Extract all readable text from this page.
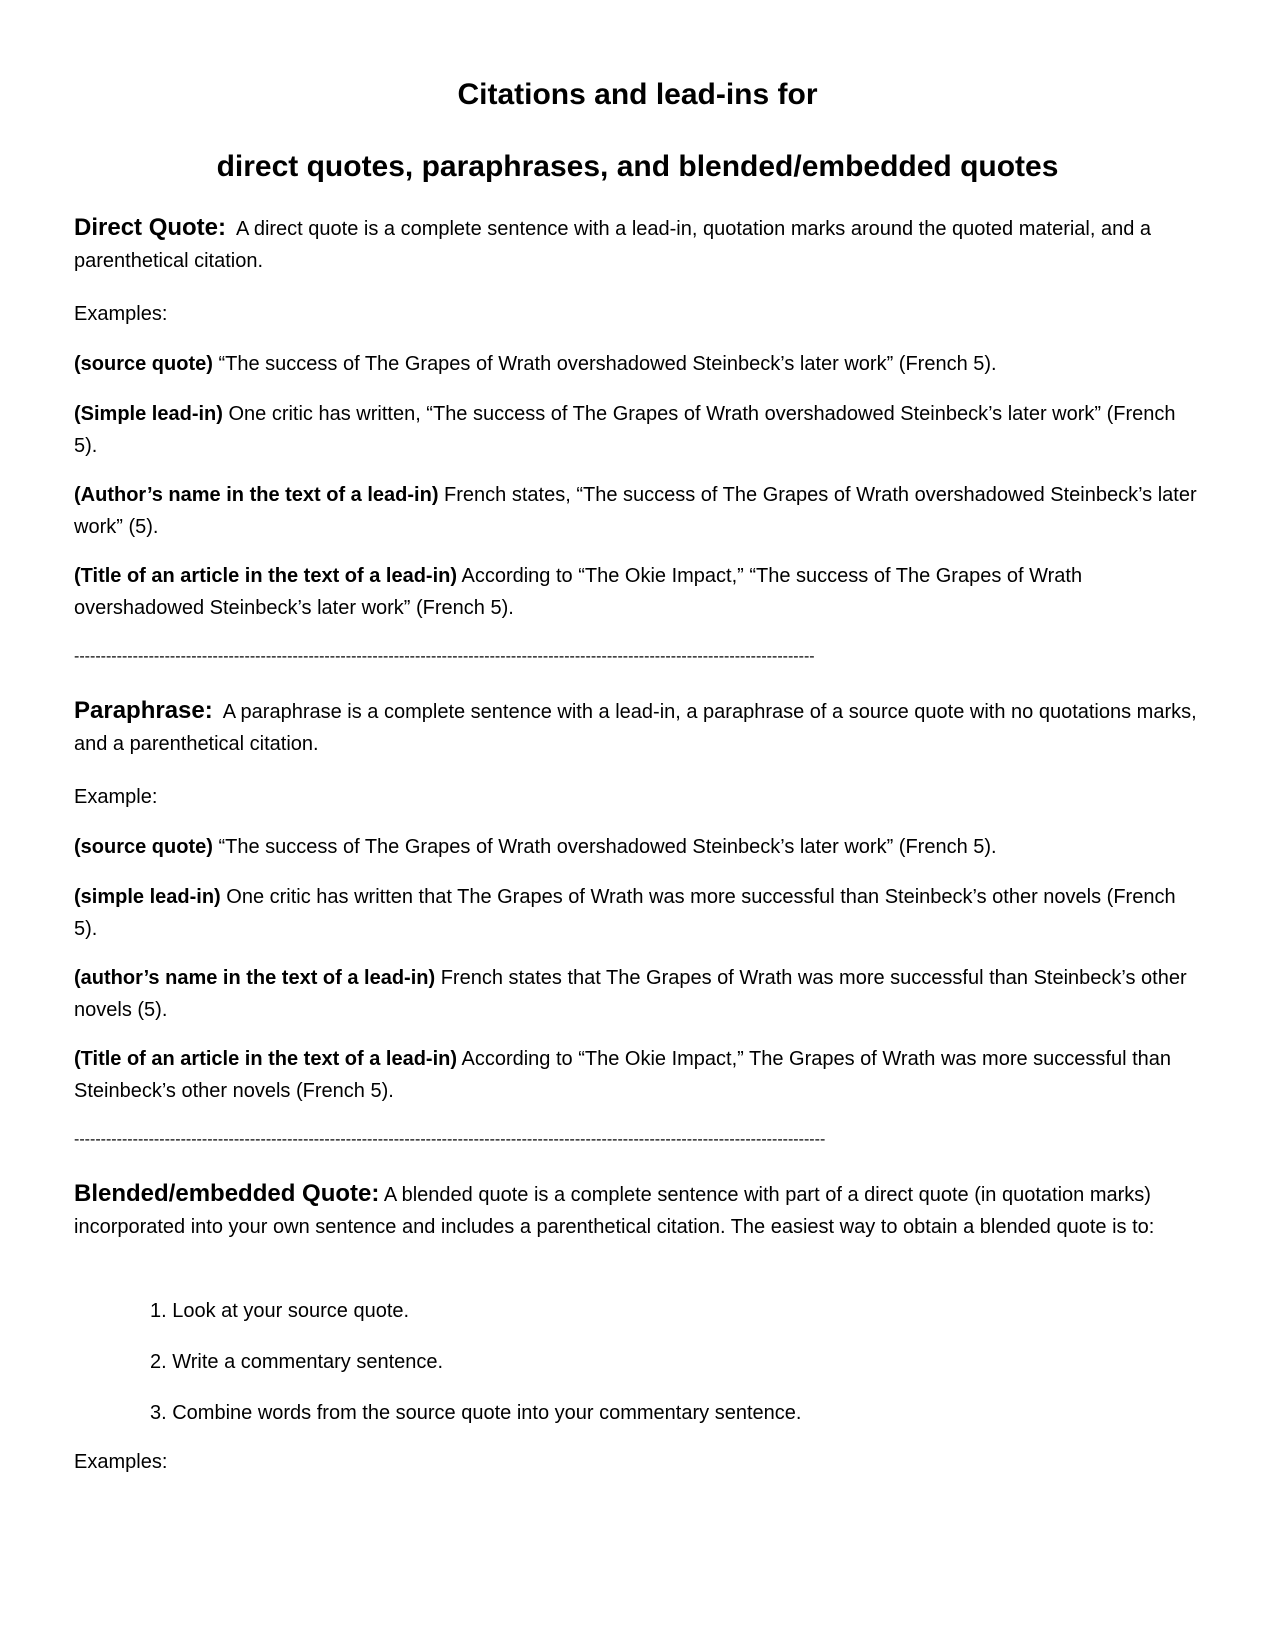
Citations and lead-ins for
direct quotes, paraphrases, and blended/embedded quotes

Direct Quote: A direct quote is a complete sentence with a lead-in, quotation marks around the quoted material, and a parenthetical citation.

Examples:

(source quote) “The success of The Grapes of Wrath overshadowed Steinbeck’s later work” (French 5).

(Simple lead-in) One critic has written, “The success of The Grapes of Wrath overshadowed Steinbeck’s later work” (French 5).

(Author’s name in the text of a lead-in) French states, “The success of The Grapes of Wrath overshadowed Steinbeck’s later work” (5).

(Title of an article in the text of a lead-in) According to “The Okie Impact,” “The success of The Grapes of Wrath overshadowed Steinbeck’s later work” (French 5).

-------------------------------------------------------------------------------------------------------------------------------------------

Paraphrase: A paraphrase is a complete sentence with a lead-in, a paraphrase of a source quote with no quotations marks, and a parenthetical citation.

Example:

(source quote) “The success of The Grapes of Wrath overshadowed Steinbeck’s later work” (French 5).

(simple lead-in) One critic has written that The Grapes of Wrath was more successful than Steinbeck’s other novels (French 5).

(author’s name in the text of a lead-in) French states that The Grapes of Wrath was more successful than Steinbeck’s other novels (5).

(Title of an article in the text of a lead-in) According to “The Okie Impact,” The Grapes of Wrath was more successful than Steinbeck’s other novels (French 5).

---------------------------------------------------------------------------------------------------------------------------------------------

Blended/embedded Quote: A blended quote is a complete sentence with part of a direct quote (in quotation marks) incorporated into your own sentence and includes a parenthetical citation. The easiest way to obtain a blended quote is to:

1. Look at your source quote.

2. Write a commentary sentence.

3. Combine words from the source quote into your commentary sentence.

Examples:
